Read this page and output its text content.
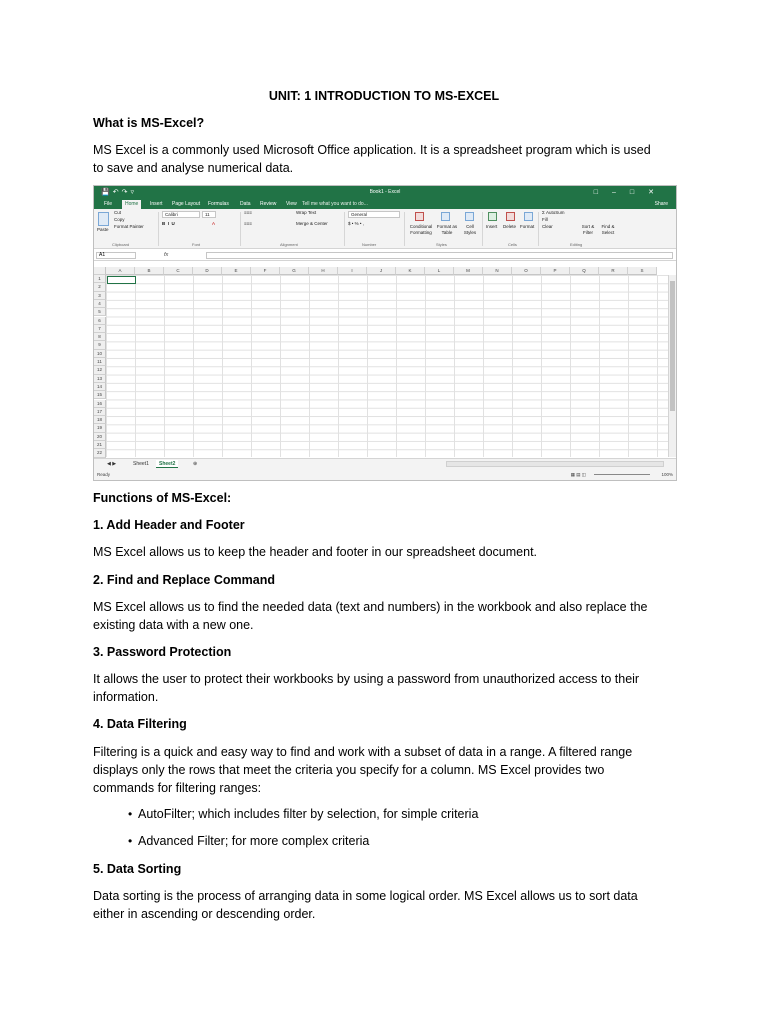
UNIT: 1 INTRODUCTION TO MS-EXCEL
What is MS-Excel?
MS Excel is a commonly used Microsoft Office application. It is a spreadsheet program which is used
to save and analyse numerical data.
💾↶↷▿	Book1 - Excel	□–□✕
File	Home	Insert Page Layout Formulas Data Review View Tell me what you want to do...	Share
Paste
Cut
Copy
Format Painter
Clipboard
Calibri	11
B  I  U	A
Font
≡≡≡
≡≡≡
Wrap Text
Merge & Center
Alignment
General
$ • % • ,
Number
Conditional Formatting
Format as Table
Cell Styles
Styles
Insert Delete Format
Cells
Σ AutoSum
Fill
Clear	Sort & Filter
Find & Select
Editing
A1	fx
A	B	C	D	E	F	G	H	I	J	K	L	M	N	O	P	Q	R	S
1
2
3
4
5
6
7
8
9
10
11
12
13
14
15
16
17
18
19
20
21
22
◀ ▶	Sheet1	Sheet2	⊕
Ready	▦ ▤ ◫	100%
Functions of MS-Excel:
1. Add Header and Footer
MS Excel allows us to keep the header and footer in our spreadsheet document.
2. Find and Replace Command
MS Excel allows us to find the needed data (text and numbers) in the workbook and also replace the
existing data with a new one.
3. Password Protection
It allows the user to protect their workbooks by using a password from unauthorized access to their
information.
4. Data Filtering
Filtering is a quick and easy way to find and work with a subset of data in a range. A filtered range
displays only the rows that meet the criteria you specify for a column. MS Excel provides two
commands for filtering ranges:
• AutoFilter; which includes filter by selection, for simple criteria
• Advanced Filter; for more complex criteria
5. Data Sorting
Data sorting is the process of arranging data in some logical order. MS Excel allows us to sort data
either in ascending or descending order.
